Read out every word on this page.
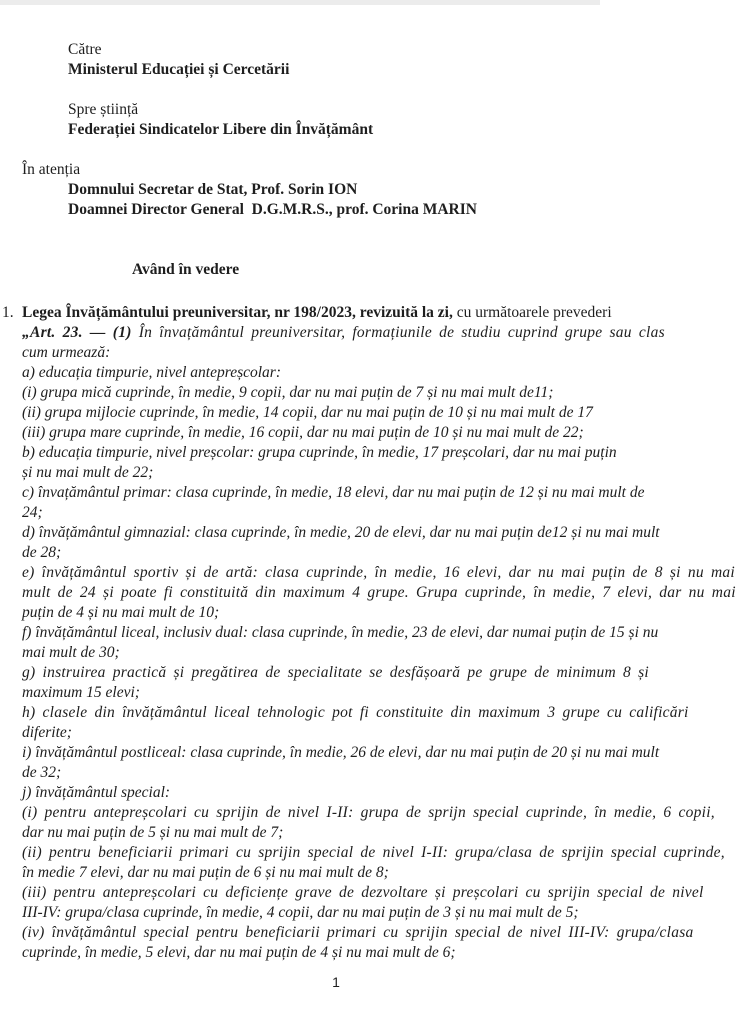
Către
Ministerul Educației și Cercetării
Spre știință
Federației Sindicatelor Libere din Învățământ
În atenția
Domnului Secretar de Stat, Prof. Sorin ION
Doamnei Director General  D.G.M.R.S., prof. Corina MARIN
Având în vedere
1. Legea Învățământului preuniversitar, nr 198/2023, revizuită la zi, cu următoarele prevederi
„Art. 23. — (1) În învațământul preuniversitar, formațiunile de studiu cuprind grupe sau clas
cum urmează:
a) educația timpurie, nivel antepreșcolar:
(i) grupa mică cuprinde, în medie, 9 copii, dar nu mai puțin de 7 și nu mai mult de11;
(ii) grupa mijlocie cuprinde, în medie, 14 copii, dar nu mai puțin de 10 și nu mai mult de 17
(iii) grupa mare cuprinde, în medie, 16 copii, dar nu mai puțin de 10 și nu mai mult de 22;
b) educația timpurie, nivel preșcolar: grupa cuprinde, în medie, 17 preșcolari, dar nu mai puțin
și nu mai mult de 22;
c) învațământul primar: clasa cuprinde, în medie, 18 elevi, dar nu mai puțin de 12 și nu mai mult de
24;
d) învățământul gimnazial: clasa cuprinde, în medie, 20 de elevi, dar nu mai puțin de12 și nu mai mult
de 28;
e) învățământul sportiv și de artă: clasa cuprinde, în medie, 16 elevi, dar nu mai puțin de 8 și nu mai
mult de 24 și poate fi constituită din maximum 4 grupe. Grupa cuprinde, în medie, 7 elevi, dar nu mai
puțin de 4 și nu mai mult de 10;
f) învățământul liceal, inclusiv dual: clasa cuprinde, în medie, 23 de elevi, dar numai puțin de 15 și nu
mai mult de 30;
g) instruirea practică și pregătirea de specialitate se desfășoară pe grupe de minimum 8 și
maximum 15 elevi;
h) clasele din învățământul liceal tehnologic pot fi constituite din maximum 3 grupe cu calificări
diferite;
i) învățământul postliceal: clasa cuprinde, în medie, 26 de elevi, dar nu mai puțin de 20 și nu mai mult
de 32;
j) învățământul special:
(i) pentru antepreșcolari cu sprijin de nivel I-II: grupa de sprijn special cuprinde, în medie, 6 copii,
dar nu mai puțin de 5 și nu mai mult de 7;
(ii) pentru beneficiarii primari cu sprijin special de nivel I-II: grupa/clasa de sprijin special cuprinde,
în medie 7 elevi, dar nu mai puțin de 6 și nu mai mult de 8;
(iii) pentru antepreșcolari cu deficiențe grave de dezvoltare și preșcolari cu sprijin special de nivel
III-IV: grupa/clasa cuprinde, în medie, 4 copii, dar nu mai puțin de 3 și nu mai mult de 5;
(iv) învățământul special pentru beneficiarii primari cu sprijin special de nivel III-IV: grupa/clasa
cuprinde, în medie, 5 elevi, dar nu mai puțin de 4 și nu mai mult de 6;
1
